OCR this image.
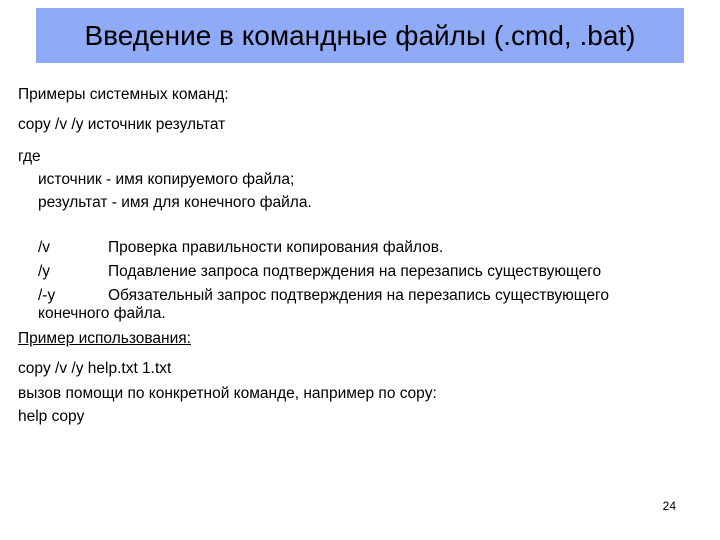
Введение в командные файлы (.cmd, .bat)
Примеры системных команд:
copy /v /y источник результат
где
источник - имя копируемого файла;
результат - имя для конечного файла.
/v	Проверка правильности копирования файлов.
/y	Подавление запроса подтверждения на перезапись существующего
/-y	Обязательный запрос подтверждения на перезапись существующего
конечного файла.
Пример использования:
copy /v /y help.txt 1.txt
вызов помощи по конкретной команде, например по copy:
help copy
24
